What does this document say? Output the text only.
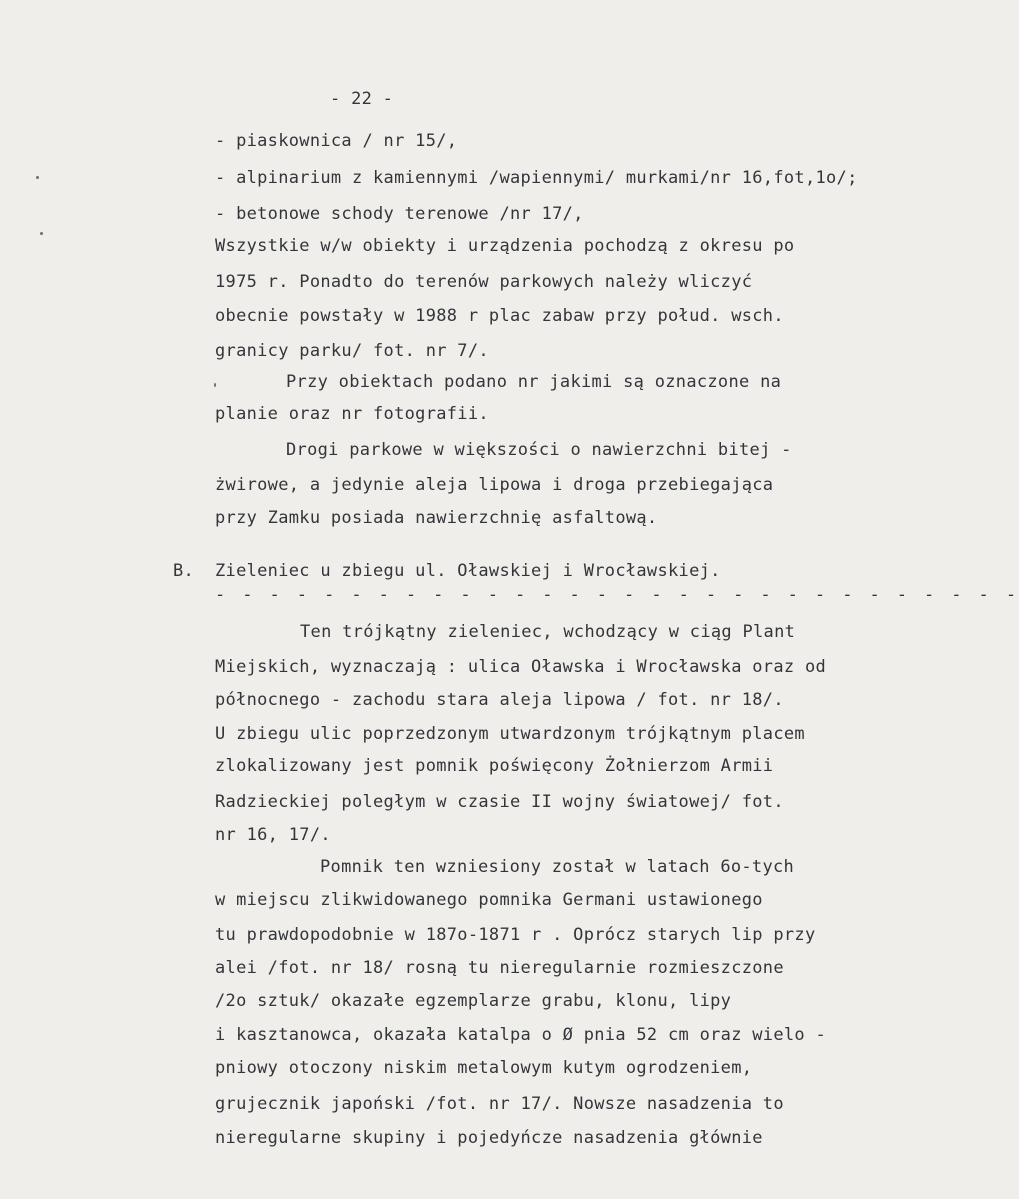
- 22 -
- piaskownica / nr 15/,
- alpinarium z kamiennymi /wapiennymi/ murkami/nr 16,fot,1o/;
- betonowe schody terenowe /nr 17/,
Wszystkie w/w obiekty i urządzenia pochodzą z okresu po
1975 r. Ponadto do terenów parkowych należy wliczyć
obecnie powstały w 1988 r plac zabaw przy połud. wsch.
granicy parku/ fot. nr 7/.
Przy obiektach podano nr jakimi są oznaczone na
planie oraz nr fotografii.
Drogi parkowe w większości o nawierzchni bitej -
żwirowe, a jedynie aleja lipowa i droga przebiegająca
przy Zamku posiada nawierzchnię asfaltową.
B. Zieleniec u zbiegu ul. Oławskiej i Wrocławskiej.
- - - - - - - - - - - - - - - - - - - - - - - - - - - - - -
Ten trójkątny zieleniec, wchodzący w ciąg Plant
Miejskich, wyznaczają : ulica Oławska i Wrocławska oraz od
północnego - zachodu stara aleja lipowa / fot. nr 18/.
U zbiegu ulic poprzedzonym utwardzonym trójkątnym placem
zlokalizowany jest pomnik poświęcony Żołnierzom Armii
Radzieckiej poległym w czasie II wojny światowej/ fot.
nr 16, 17/.
Pomnik ten wzniesiony został w latach 6o-tych
w miejscu zlikwidowanego pomnika Germani ustawionego
tu prawdopodobnie w 187o-1871 r . Oprócz starych lip przy
alei /fot. nr 18/ rosną tu nieregularnie rozmieszczone
/2o sztuk/ okazałe egzemplarze grabu, klonu, lipy
i kasztanowca, okazała katalpa o Ø pnia 52 cm oraz wielo -
pniowy otoczony niskim metalowym kutym ogrodzeniem,
grujecznik japoński /fot. nr 17/. Nowsze nasadzenia to
nieregularne skupiny i pojedyńcze nasadzenia głównie
